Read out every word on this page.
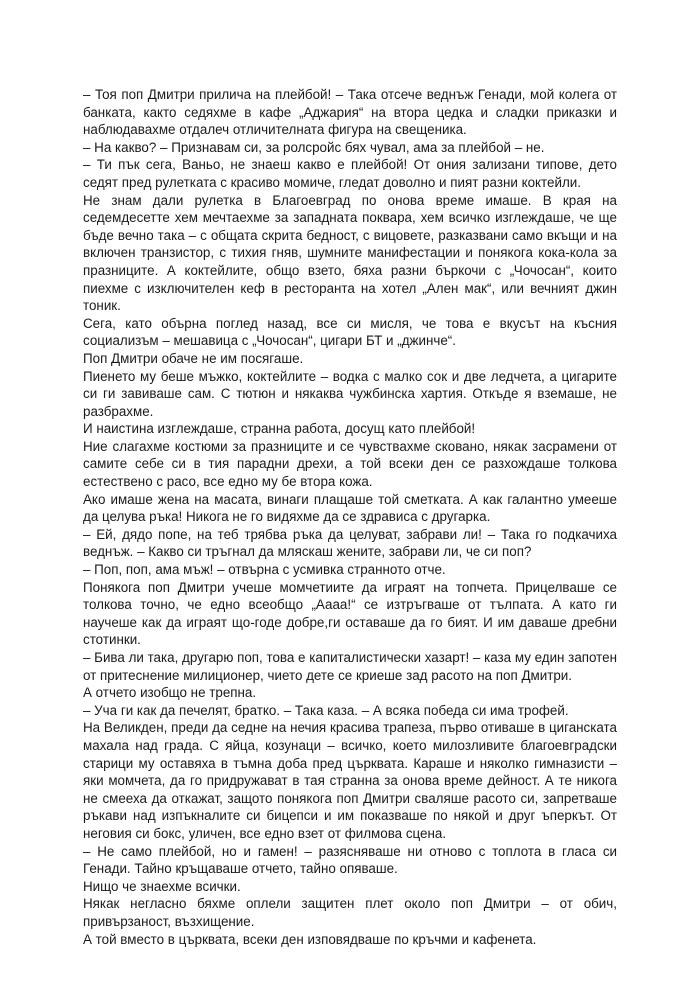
– Тоя поп Дмитри прилича на плейбой! – Така отсече веднъж Генади, мой колега от банката, както седяхме в кафе „Аджария“ на втора цедка и сладки приказки и наблюдавахме отдалеч отличителната фигура на свещеника.

– На какво? – Признавам си, за ролсройс бях чувал, ама за плейбой – не.

– Ти пък сега, Ваньо, не знаеш какво е плейбой! От ония зализани типове, дето седят пред рулетката с красиво момиче, гледат доволно и пият разни коктейли.

Не знам дали рулетка в Благоевград по онова време имаше. В края на седемдесетте хем мечтаехме за западната поквара, хем всичко изглеждаше, че ще бъде вечно така – с общата скрита бедност, с вицовете, разказвани само вкъщи и на включен транзистор, с тихия гняв, шумните манифестации и понякога кока-кола за празниците. А коктейлите, общо взето, бяха разни бъркочи с „Чочосан“, които пиехме с изключителен кеф в ресторанта на хотел „Ален мак“, или вечният джин тоник.

Сега, като обърна поглед назад, все си мисля, че това е вкусът на късния социализъм – мешавица с „Чочосан“, цигари БТ и „джинче“.

Поп Дмитри обаче не им посягаше.

Пиенето му беше мъжко, коктейлите – водка с малко сок и две ледчета, а цигарите си ги завиваше сам. С тютюн и някаква чужбинска хартия. Откъде я вземаше, не разбрахме.

И наистина изглеждаше, странна работа, досущ като плейбой!

Ние слагахме костюми за празниците и се чувствахме сковано, някак засрамени от самите себе си в тия парадни дрехи, а той всеки ден се разхождаше толкова естествено с расо, все едно му бе втора кожа.

Ако имаше жена на масата, винаги плащаше той сметката. А как галантно умееше да целува ръка! Никога не го видяхме да се здрависа с другарка.

– Ей, дядо попе, на теб трябва ръка да целуват, забрави ли! – Така го подкачиха веднъж. – Какво си тръгнал да мляскаш жените, забрави ли, че си поп?

– Поп, поп, ама мъж! – отвърна с усмивка странното отче.

Понякога поп Дмитри учеше момчетиите да играят на топчета. Прицелваше се толкова точно, че едно всеобщо „Аааа!“ се изтръгваше от тълпата. А като ги научеше как да играят що-годе добре,ги оставаше да го бият. И им даваше дребни стотинки.

– Бива ли така, другарю поп, това е капиталистически хазарт! – каза му един запотен от притеснение милиционер, чието дете се криеше зад расото на поп Дмитри.

А отчето изобщо не трепна.

– Уча ги как да печелят, братко. – Така каза. – А всяка победа си има трофей.

На Великден, преди да седне на нечия красива трапеза, първо отиваше в циганската махала над града. С яйца, козунаци – всичко, което милозливите благоевградски старици му оставяха в тъмна доба пред църквата. Караше и няколко гимназисти – яки момчета, да го придружават в тая странна за онова време дейност. А те никога не смееха да откажат, защото понякога поп Дмитри сваляше расото си, запретваше ръкави над изпъкналите си бицепси и им показваше по някой и друг ъперкът. От неговия си бокс, уличен, все едно взет от филмова сцена.

– Не само плейбой, но и гамен! – разясняваше ни отново с топлота в гласа си Генади. Тайно кръщаваше отчето, тайно опяваше.

Нищо че знаехме всички.

Някак негласно бяхме оплели защитен плет около поп Дмитри – от обич, привързаност, възхищение.

А той вместо в църквата, всеки ден изповядваше по кръчми и кафенета.
